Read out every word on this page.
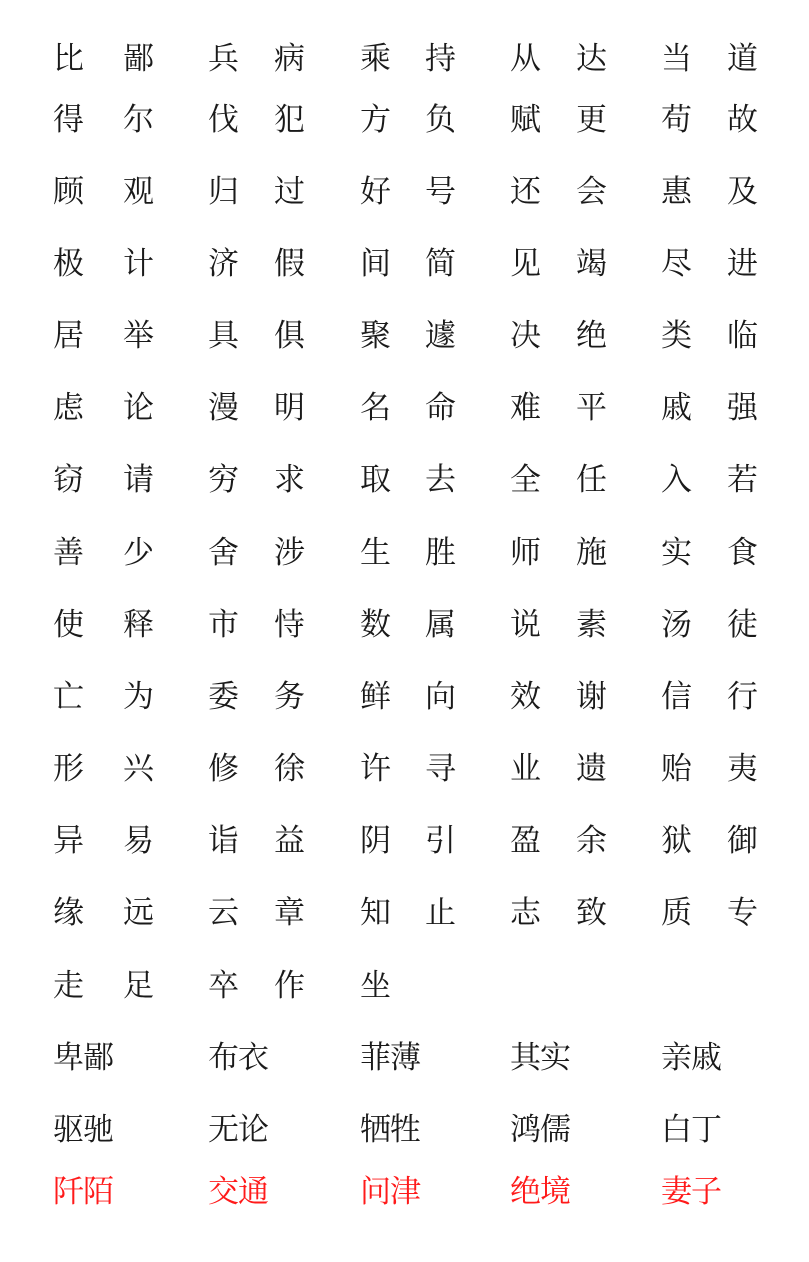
比	鄙	兵	病	乘	持	从	达	当	道
得	尔	伐	犯	方	负	赋	更	苟	故
顾	观	归	过	好	号	还	会	惠	及
极	计	济	假	间	简	见	竭	尽	进
居	举	具	俱	聚	遽	决	绝	类	临
虑	论	漫	明	名	命	难	平	戚	强
窃	请	穷	求	取	去	全	任	入	若
善	少	舍	涉	生	胜	师	施	实	食
使	释	市	恃	数	属	说	素	汤	徒
亡	为	委	务	鲜	向	效	谢	信	行
形	兴	修	徐	许	寻	业	遗	贻	夷
异	易	诣	益	阴	引	盈	余	狱	御
缘	远	云	章	知	止	志	致	质	专
走	足	卒	作	坐
卑鄙	布衣	菲薄	其实	亲戚
驱驰	无论	牺牲	鸿儒	白丁
阡陌	交通	问津	绝境	妻子
